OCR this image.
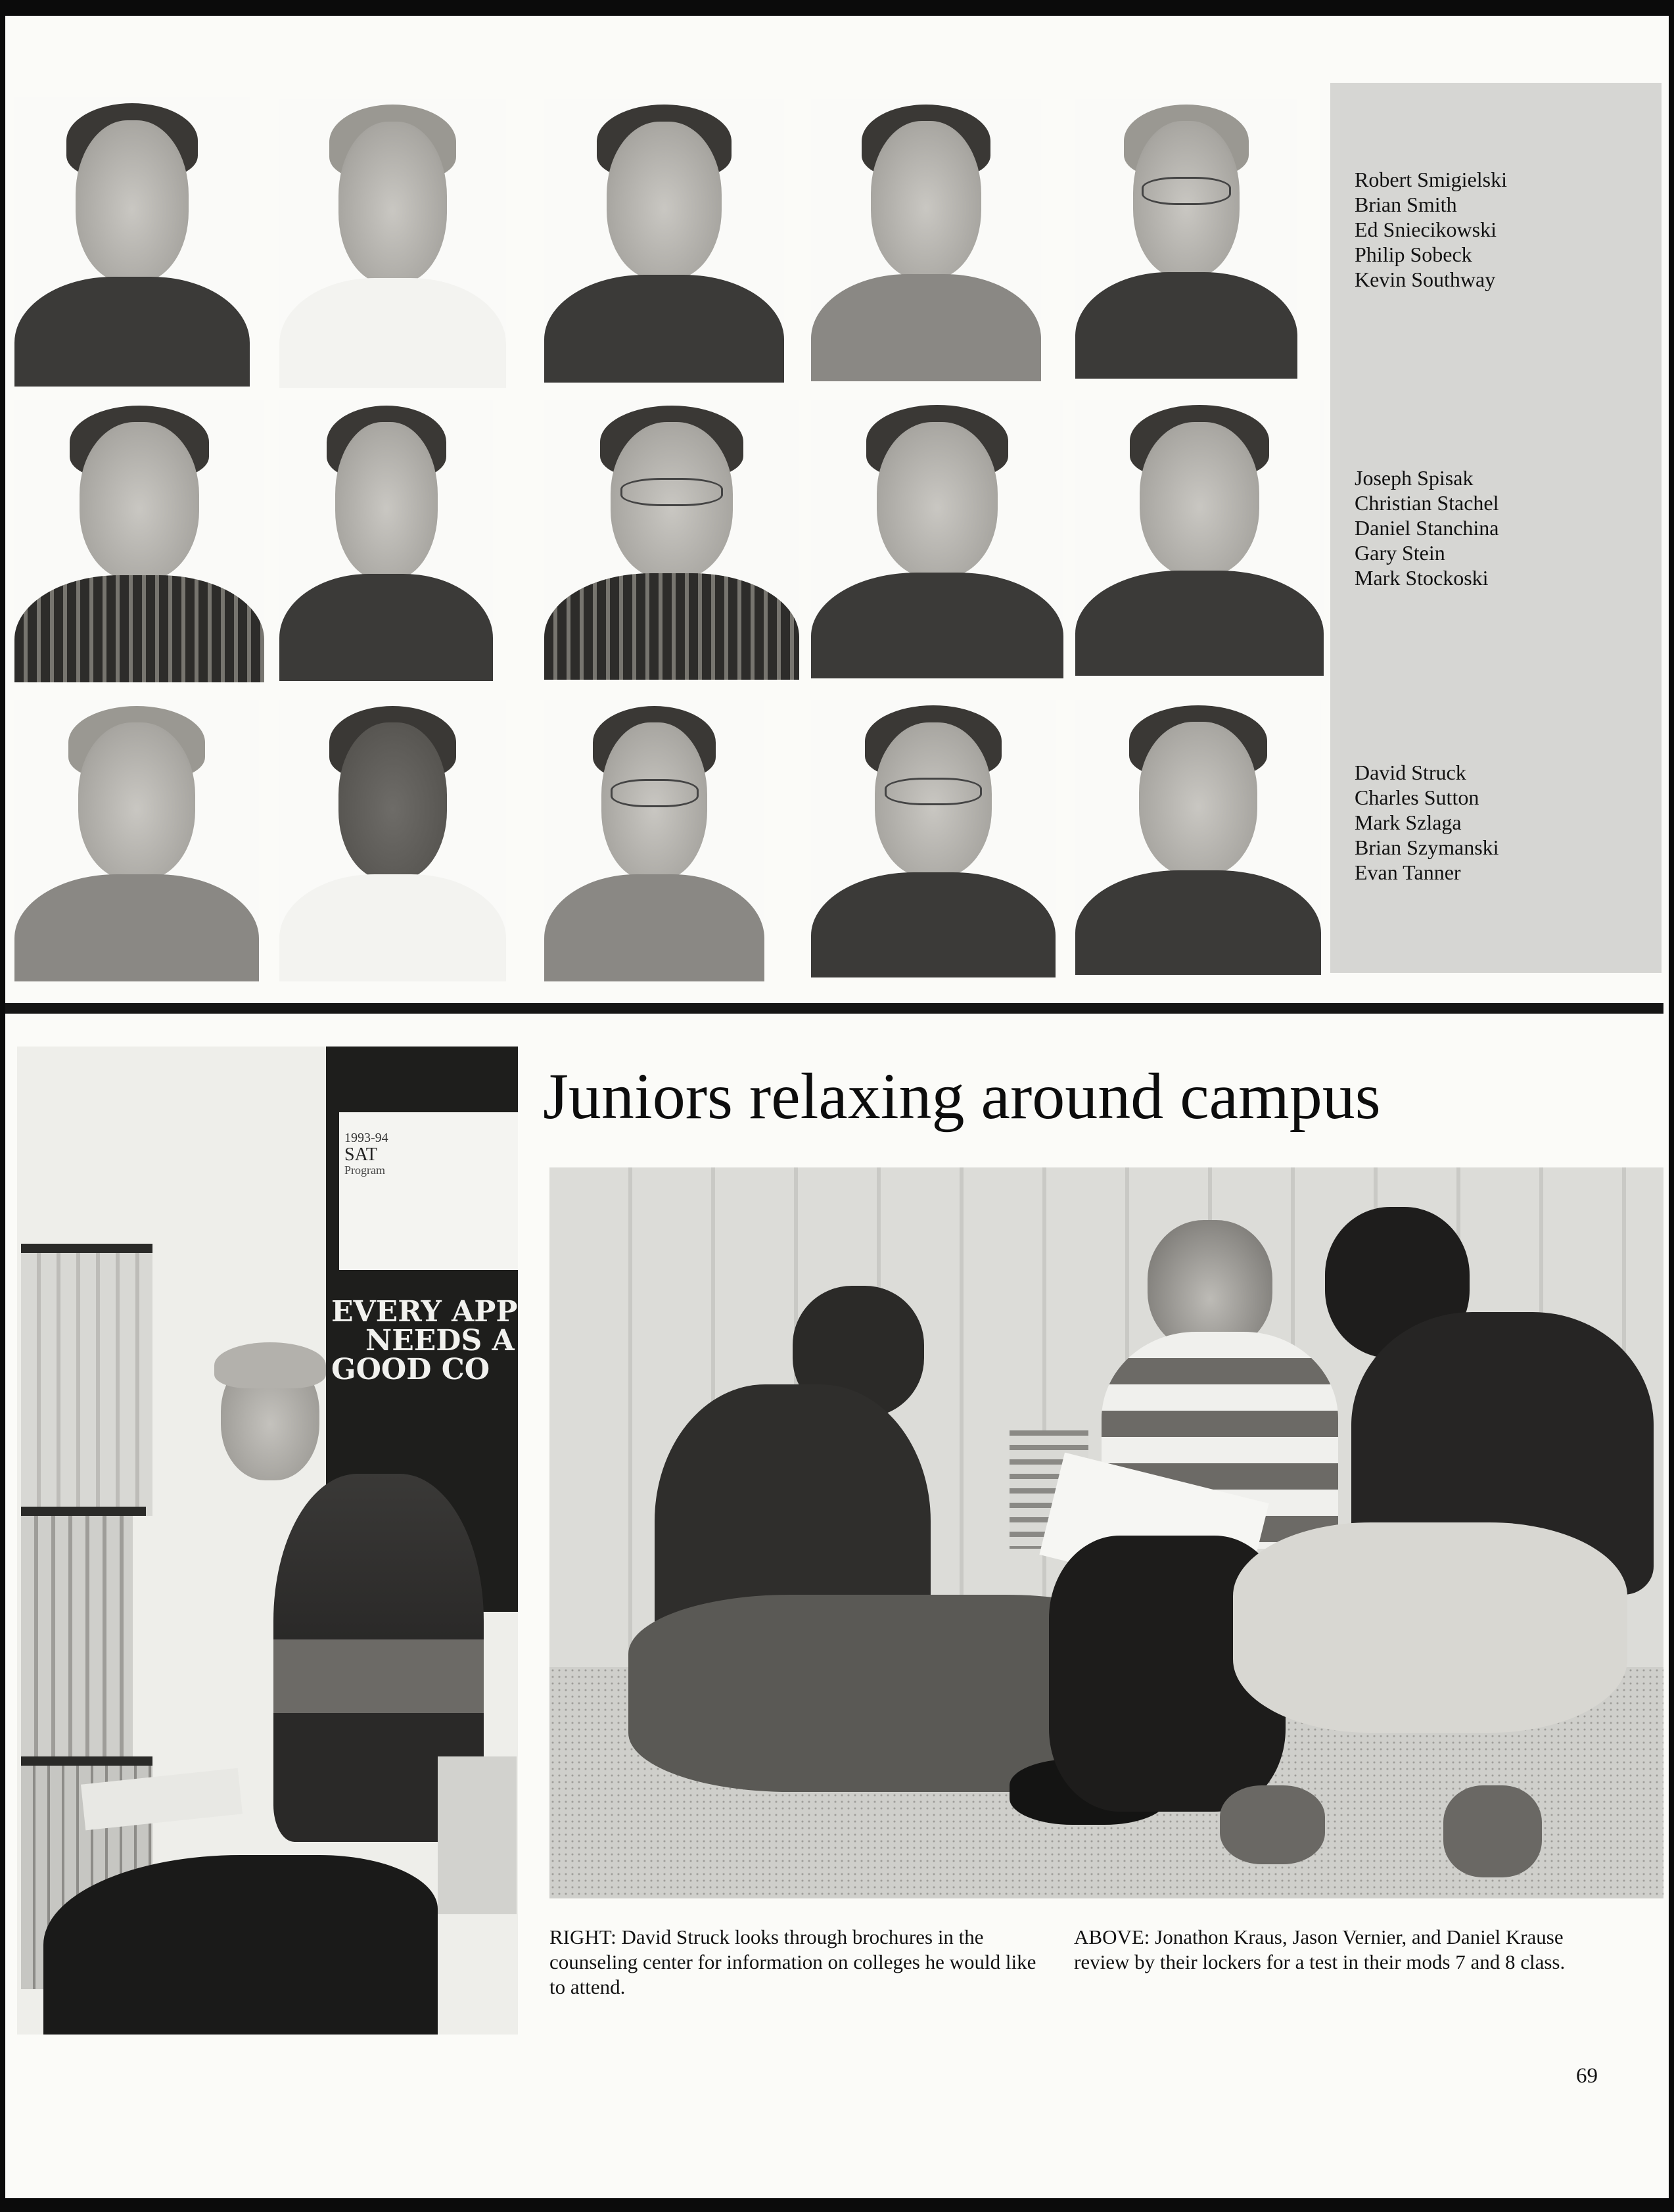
Robert Smigielski
Brian Smith
Ed Sniecikowski
Philip Sobeck
Kevin Southway
Joseph Spisak
Christian Stachel
Daniel Stanchina
Gary Stein
Mark Stockoski
David Struck
Charles Sutton
Mark Szlaga
Brian Szymanski
Evan Tanner
1993-94
SAT
Program
EVERY APP
NEEDS A
GOOD CO
Juniors relaxing around campus
RIGHT: David Struck looks through brochures in the counseling center for information on colleges he would like to attend.
ABOVE: Jonathon Kraus, Jason Vernier, and Daniel Krause review by their lockers for a test in their mods 7 and 8 class.
69
